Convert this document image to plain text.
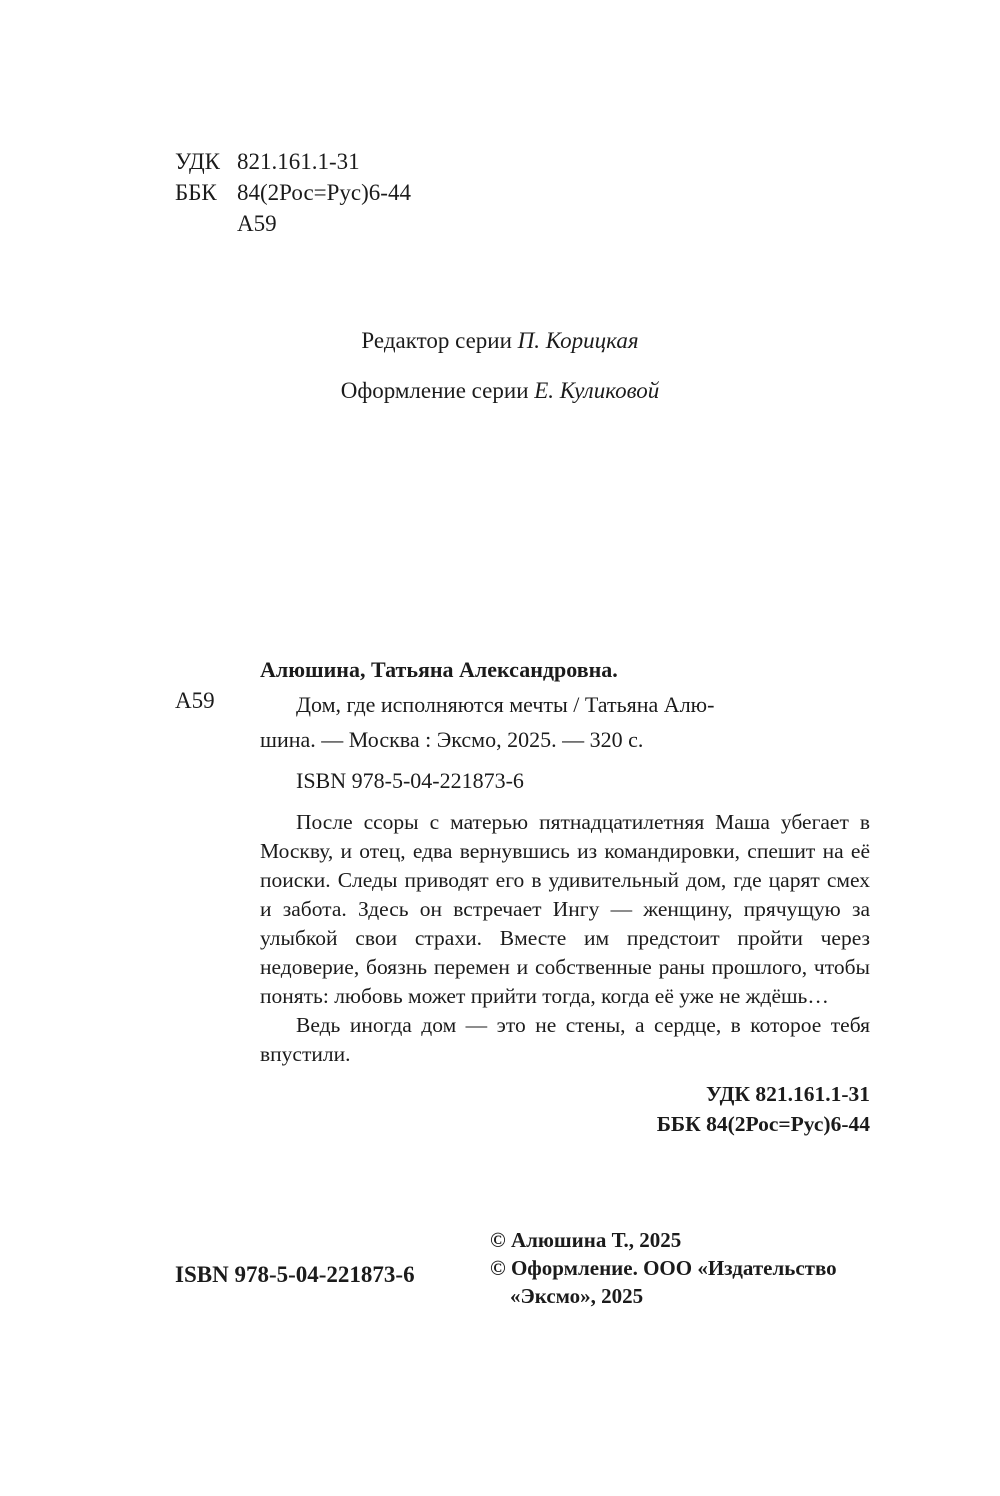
УДК 821.161.1-31
ББК 84(2Рос=Рус)6-44
А59
Редактор серии П. Корицкая
Оформление серии Е. Куликовой
А59
Алюшина, Татьяна Александровна.
Дом, где исполняются мечты / Татьяна Алю-
шина. — Москва : Эксмо, 2025. — 320 с.
ISBN 978-5-04-221873-6

После ссоры с матерью пятнадцатилетняя Маша убегает в Москву, и отец, едва вернувшись из командировки, спешит на её поиски. Следы приводят его в удивительный дом, где царят смех и забота. Здесь он встречает Ингу — женщину, прячущую за улыбкой свои страхи. Вместе им предстоит пройти через недоверие, боязнь перемен и собственные раны прошлого, чтобы понять: любовь может прийти тогда, когда её уже не ждёшь…

Ведь иногда дом — это не стены, а сердце, в которое тебя впустили.

УДК 821.161.1-31
ББК 84(2Рос=Рус)6-44
ISBN 978-5-04-221873-6
© Алюшина Т., 2025
© Оформление. ООО «Издательство
«Эксмо», 2025
